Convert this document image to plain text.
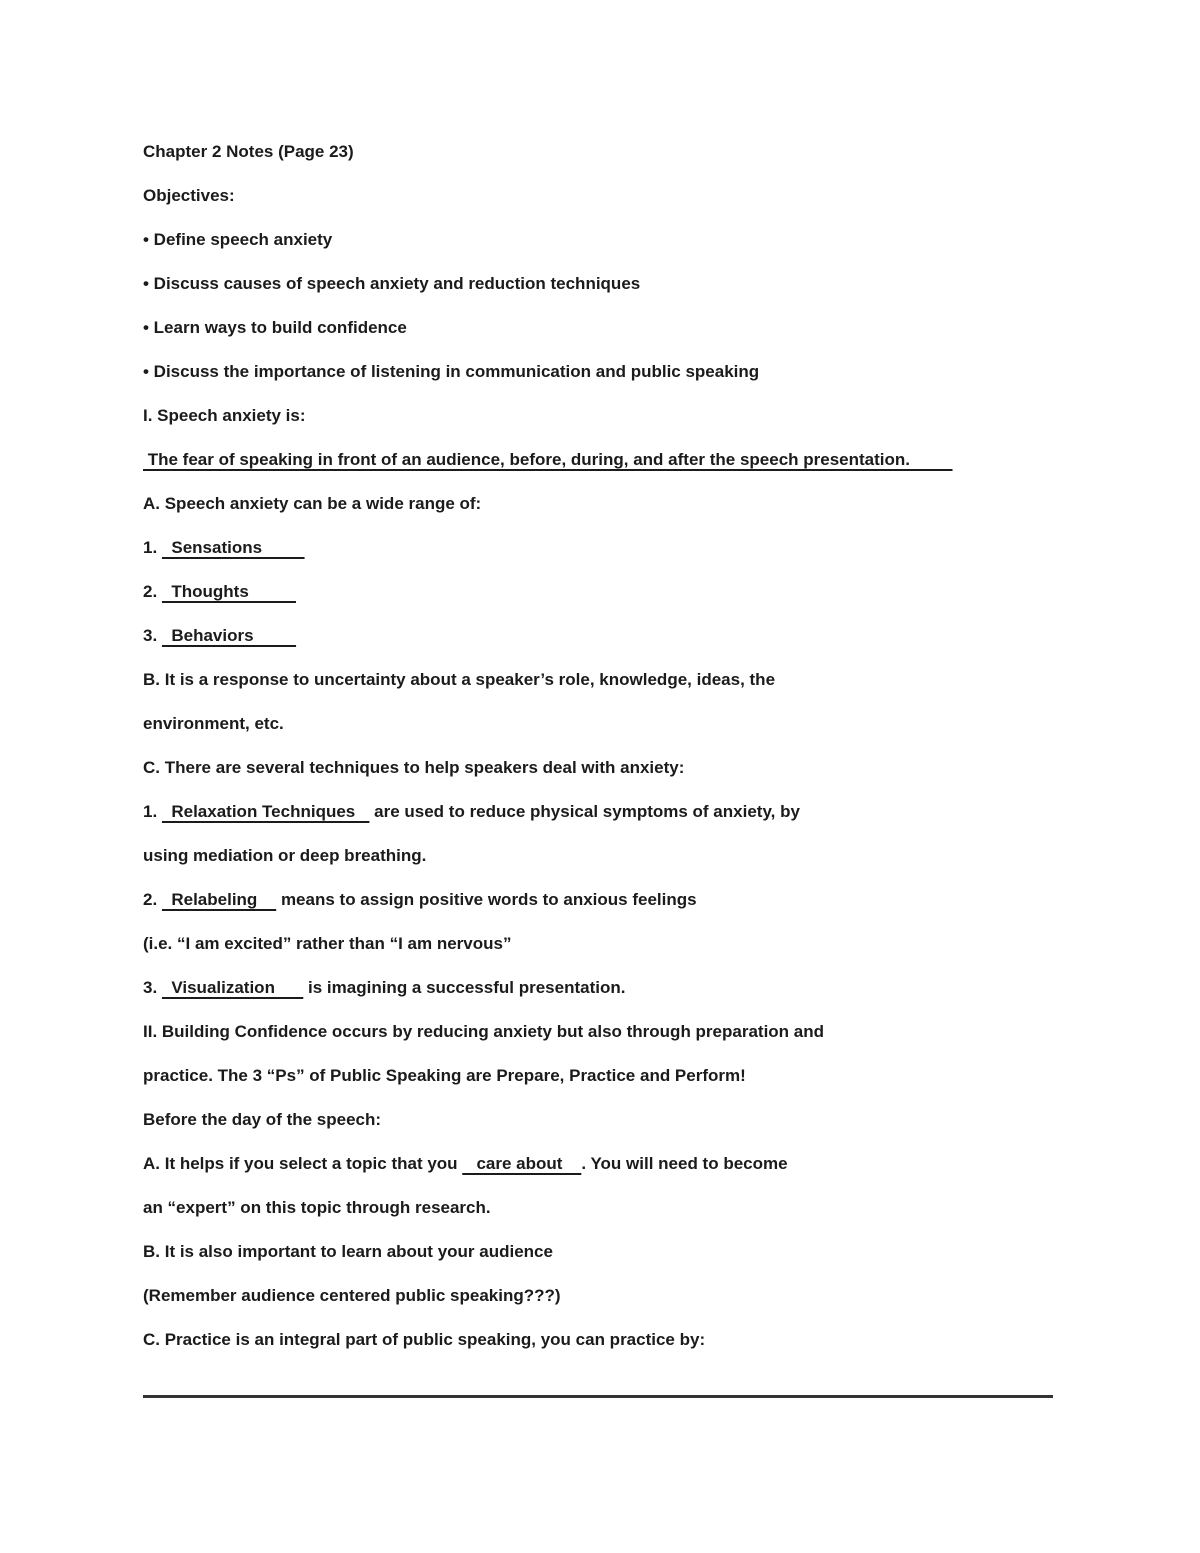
Chapter 2 Notes (Page 23)

Objectives:

• Define speech anxiety

• Discuss causes of speech anxiety and reduction techniques

• Learn ways to build confidence

• Discuss the importance of listening in communication and public speaking

I. Speech anxiety is:

The fear of speaking in front of an audience, before, during, and after the speech presentation.

A. Speech anxiety can be a wide range of:

1.   Sensations

2.   Thoughts

3.   Behaviors

B. It is a response to uncertainty about a speaker’s role, knowledge, ideas, the

environment, etc.

C. There are several techniques to help speakers deal with anxiety:

1.   Relaxation Techniques    are used to reduce physical symptoms of anxiety, by

using mediation or deep breathing.

2.   Relabeling     means to assign positive words to anxious feelings

(i.e. “I am excited” rather than “I am nervous”

3.   Visualization       is imagining a successful presentation.

II. Building Confidence occurs by reducing anxiety but also through preparation and

practice. The 3 “Ps” of Public Speaking are Prepare, Practice and Perform!

Before the day of the speech:

A. It helps if you select a topic that you    care about    . You will need to become

an “expert” on this topic through research.

B. It is also important to learn about your audience

(Remember audience centered public speaking???)

C. Practice is an integral part of public speaking, you can practice by:
